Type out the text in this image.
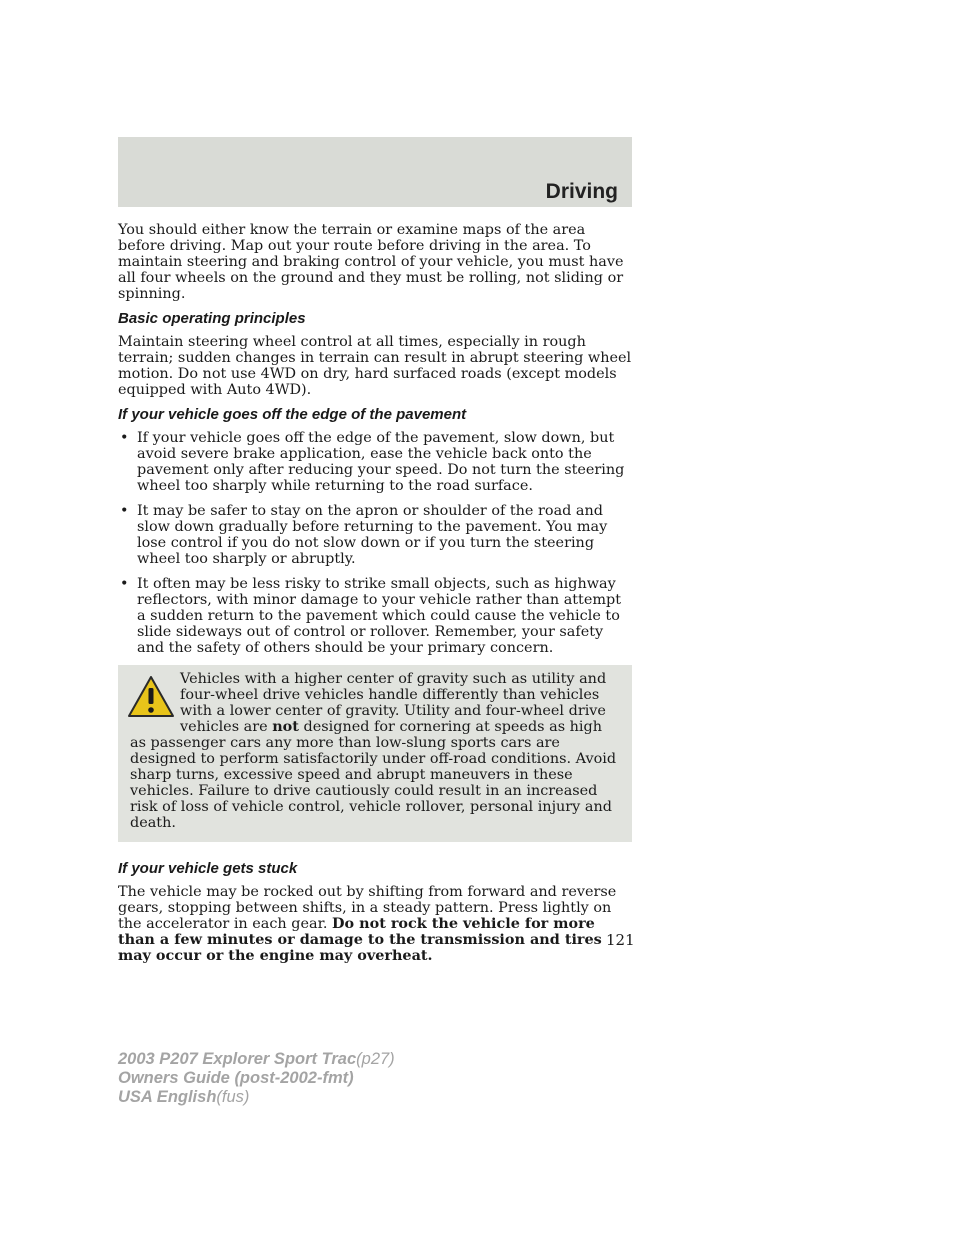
Driving

You should either know the terrain or examine maps of the area before driving. Map out your route before driving in the area. To maintain steering and braking control of your vehicle, you must have all four wheels on the ground and they must be rolling, not sliding or spinning.

Basic operating principles

Maintain steering wheel control at all times, especially in rough terrain; sudden changes in terrain can result in abrupt steering wheel motion. Do not use 4WD on dry, hard surfaced roads (except models equipped with Auto 4WD).

If your vehicle goes off the edge of the pavement
• If your vehicle goes off the edge of the pavement, slow down, but avoid severe brake application, ease the vehicle back onto the pavement only after reducing your speed. Do not turn the steering wheel too sharply while returning to the road surface.
• It may be safer to stay on the apron or shoulder of the road and slow down gradually before returning to the pavement. You may lose control if you do not slow down or if you turn the steering wheel too sharply or abruptly.
• It often may be less risky to strike small objects, such as highway reflectors, with minor damage to your vehicle rather than attempt a sudden return to the pavement which could cause the vehicle to slide sideways out of control or rollover. Remember, your safety and the safety of others should be your primary concern.

Vehicles with a higher center of gravity such as utility and four-wheel drive vehicles handle differently than vehicles with a lower center of gravity. Utility and four-wheel drive vehicles are not designed for cornering at speeds as high as passenger cars any more than low-slung sports cars are designed to perform satisfactorily under off-road conditions. Avoid sharp turns, excessive speed and abrupt maneuvers in these vehicles. Failure to drive cautiously could result in an increased risk of loss of vehicle control, vehicle rollover, personal injury and death.

If your vehicle gets stuck

The vehicle may be rocked out by shifting from forward and reverse gears, stopping between shifts, in a steady pattern. Press lightly on the accelerator in each gear. Do not rock the vehicle for more than a few minutes or damage to the transmission and tires may occur or the engine may overheat.

121
2003 P207 Explorer Sport Trac(p27)
Owners Guide (post-2002-fmt)
USA English(fus)
